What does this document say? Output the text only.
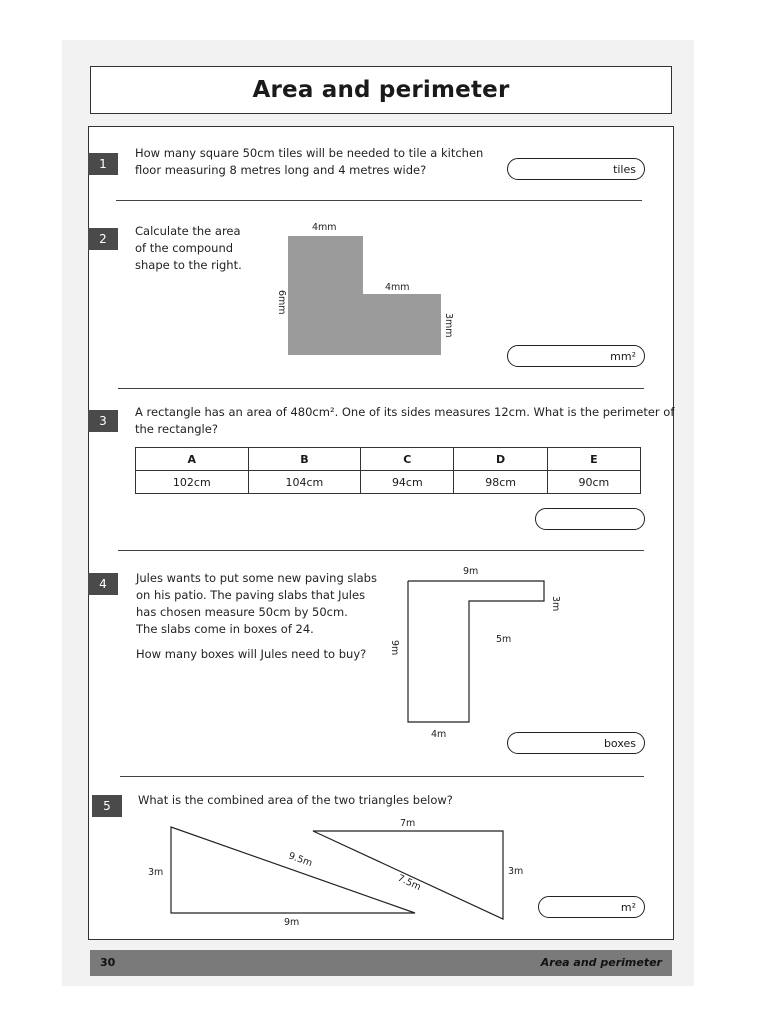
Area and perimeter
1
How many square 50cm tiles will be needed to tile a kitchen
floor measuring 8 metres long and 4 metres wide?	tiles
2
Calculate the area
of the compound
shape to the right.
4mm
6mm
4mm
3mm
mm²
3
A rectangle has an area of 480cm². One of its sides measures 12cm. What is the perimeter of
the rectangle?
A	B	C	D	E
102cm	104cm	94cm	98cm	90cm
4	Jules wants to put some new paving slabs
on his patio. The paving slabs that Jules
has chosen measure 50cm by 50cm.
The slabs come in boxes of 24.
How many boxes will Jules need to buy?
9m
3m
5m
9m
4m
boxes
5	What is the combined area of the two triangles below?
3m
9.5m
9m
7m
7.5m
3m
m²
30	Area and perimeter
